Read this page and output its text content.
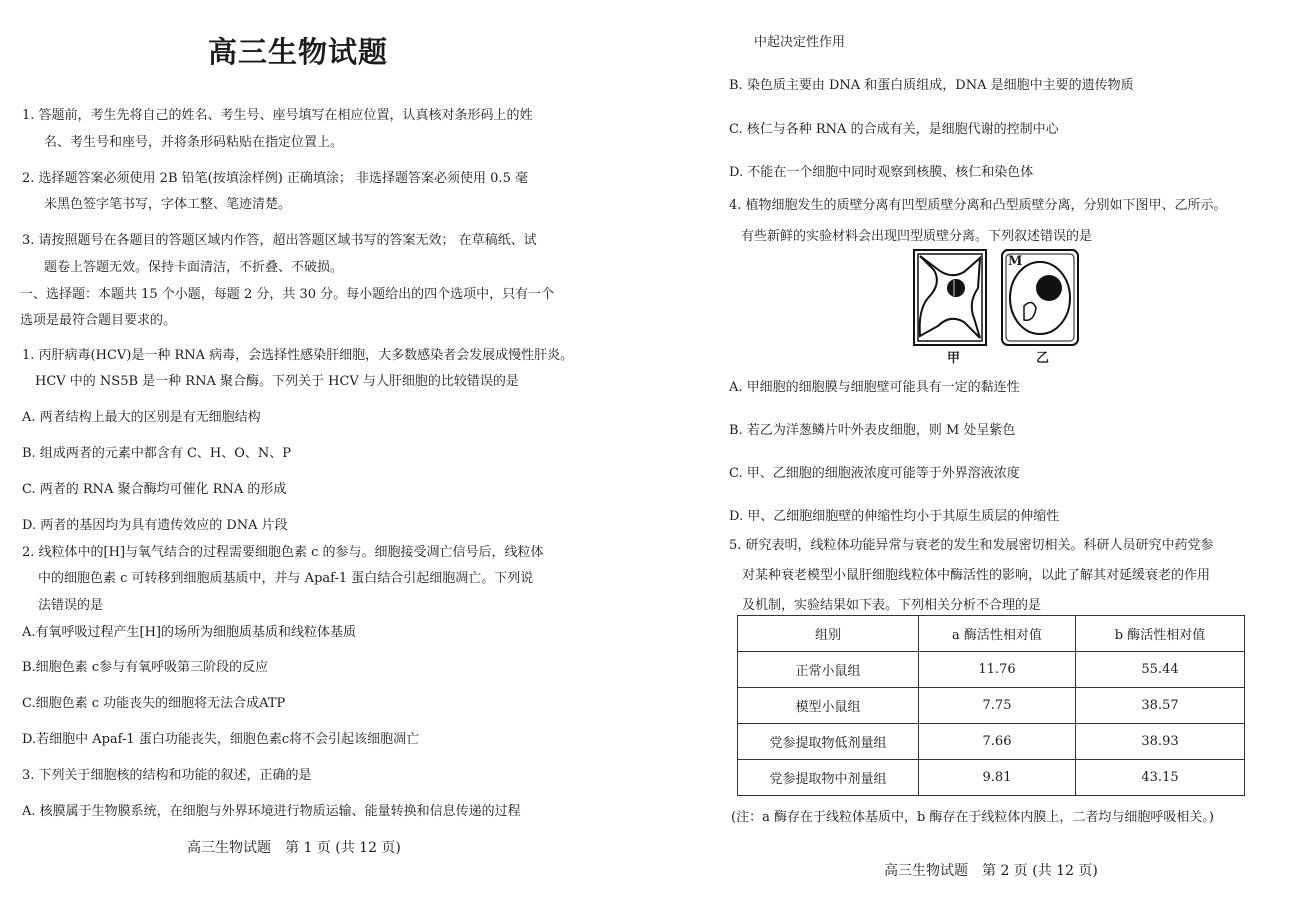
高三生物试题
1. 答题前，考生先将自己的姓名、考生号、座号填写在相应位置，认真核对条形码上的姓
名、考生号和座号，并将条形码粘贴在指定位置上。
2. 选择题答案必须使用 2B 铅笔(按填涂样例) 正确填涂； 非选择题答案必须使用 0.5 毫
米黑色签字笔书写，字体工整、笔迹清楚。
3. 请按照题号在各题目的答题区域内作答，超出答题区域书写的答案无效； 在草稿纸、试
题卷上答题无效。保持卡面清洁，不折叠、不破损。
一、选择题：本题共 15 个小题，每题 2 分，共 30 分。每小题给出的四个选项中，只有一个
选项是最符合题目要求的。
1. 丙肝病毒(HCV)是一种 RNA 病毒，会选择性感染肝细胞，大多数感染者会发展成慢性肝炎。
HCV 中的 NS5B 是一种 RNA 聚合酶。下列关于 HCV 与人肝细胞的比较错误的是
A. 两者结构上最大的区别是有无细胞结构
B. 组成两者的元素中都含有 C、H、O、N、P
C. 两者的 RNA 聚合酶均可催化 RNA 的形成
D. 两者的基因均为具有遗传效应的 DNA 片段
2. 线粒体中的[H]与氧气结合的过程需要细胞色素 c 的参与。细胞接受凋亡信号后，线粒体
中的细胞色素 c 可转移到细胞质基质中，并与 Apaf-1 蛋白结合引起细胞凋亡。下列说
法错误的是
A.有氧呼吸过程产生[H]的场所为细胞质基质和线粒体基质
B.细胞色素 c参与有氧呼吸第三阶段的反应
C.细胞色素 c 功能丧失的细胞将无法合成ATP
D.若细胞中 Apaf-1 蛋白功能丧失，细胞色素c将不会引起该细胞凋亡
3. 下列关于细胞核的结构和功能的叙述，正确的是
A. 核膜属于生物膜系统，在细胞与外界环境进行物质运输、能量转换和信息传递的过程
高三生物试题　第 1 页 (共 12 页)
中起决定性作用
B. 染色质主要由 DNA 和蛋白质组成，DNA 是细胞中主要的遗传物质
C. 核仁与各种 RNA 的合成有关，是细胞代谢的控制中心
D. 不能在一个细胞中同时观察到核膜、核仁和染色体
4. 植物细胞发生的质壁分离有凹型质壁分离和凸型质壁分离，分别如下图甲、乙所示。
有些新鲜的实验材料会出现凹型质壁分离。下列叙述错误的是
M
甲	乙
A. 甲细胞的细胞膜与细胞壁可能具有一定的黏连性
B. 若乙为洋葱鳞片叶外表皮细胞，则 M 处呈紫色
C. 甲、乙细胞的细胞液浓度可能等于外界溶液浓度
D. 甲、乙细胞细胞壁的伸缩性均小于其原生质层的伸缩性
5. 研究表明，线粒体功能异常与衰老的发生和发展密切相关。科研人员研究中药党参
对某种衰老模型小鼠肝细胞线粒体中酶活性的影响，以此了解其对延缓衰老的作用
及机制，实验结果如下表。下列相关分析不合理的是
组别	a 酶活性相对值	b 酶活性相对值
正常小鼠组	11.76	55.44
模型小鼠组	7.75	38.57
党参提取物低剂量组	7.66	38.93
党参提取物中剂量组	9.81	43.15
(注：a 酶存在于线粒体基质中，b 酶存在于线粒体内膜上，二者均与细胞呼吸相关。)
高三生物试题　第 2 页 (共 12 页)
